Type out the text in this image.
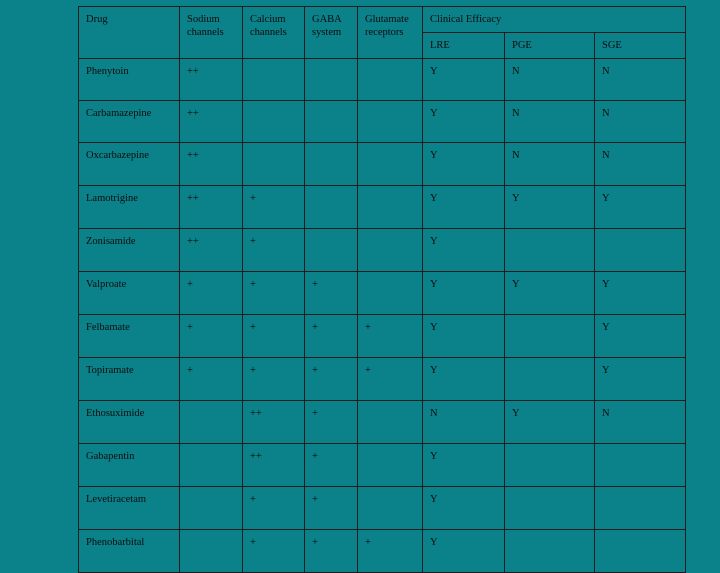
Drug	Sodium channels	Calcium channels	GABA system	Glutamate receptors	Clinical Efficacy		
					LRE	PGE	SGE
Phenytoin	++				Y	N	N
Carbamazepine	++				Y	N	N
Oxcarbazepine	++				Y	N	N
Lamotrigine	++	+			Y	Y	Y
Zonisamide	++	+			Y		
Valproate	+	+	+		Y	Y	Y
Felbamate	+	+	+	+	Y		Y
Topiramate	+	+	+	+	Y		Y
Ethosuximide		++	+		N	Y	N
Gabapentin		++	+		Y		
Levetiracetam		+	+		Y		
Phenobarbital		+	+	+	Y		
